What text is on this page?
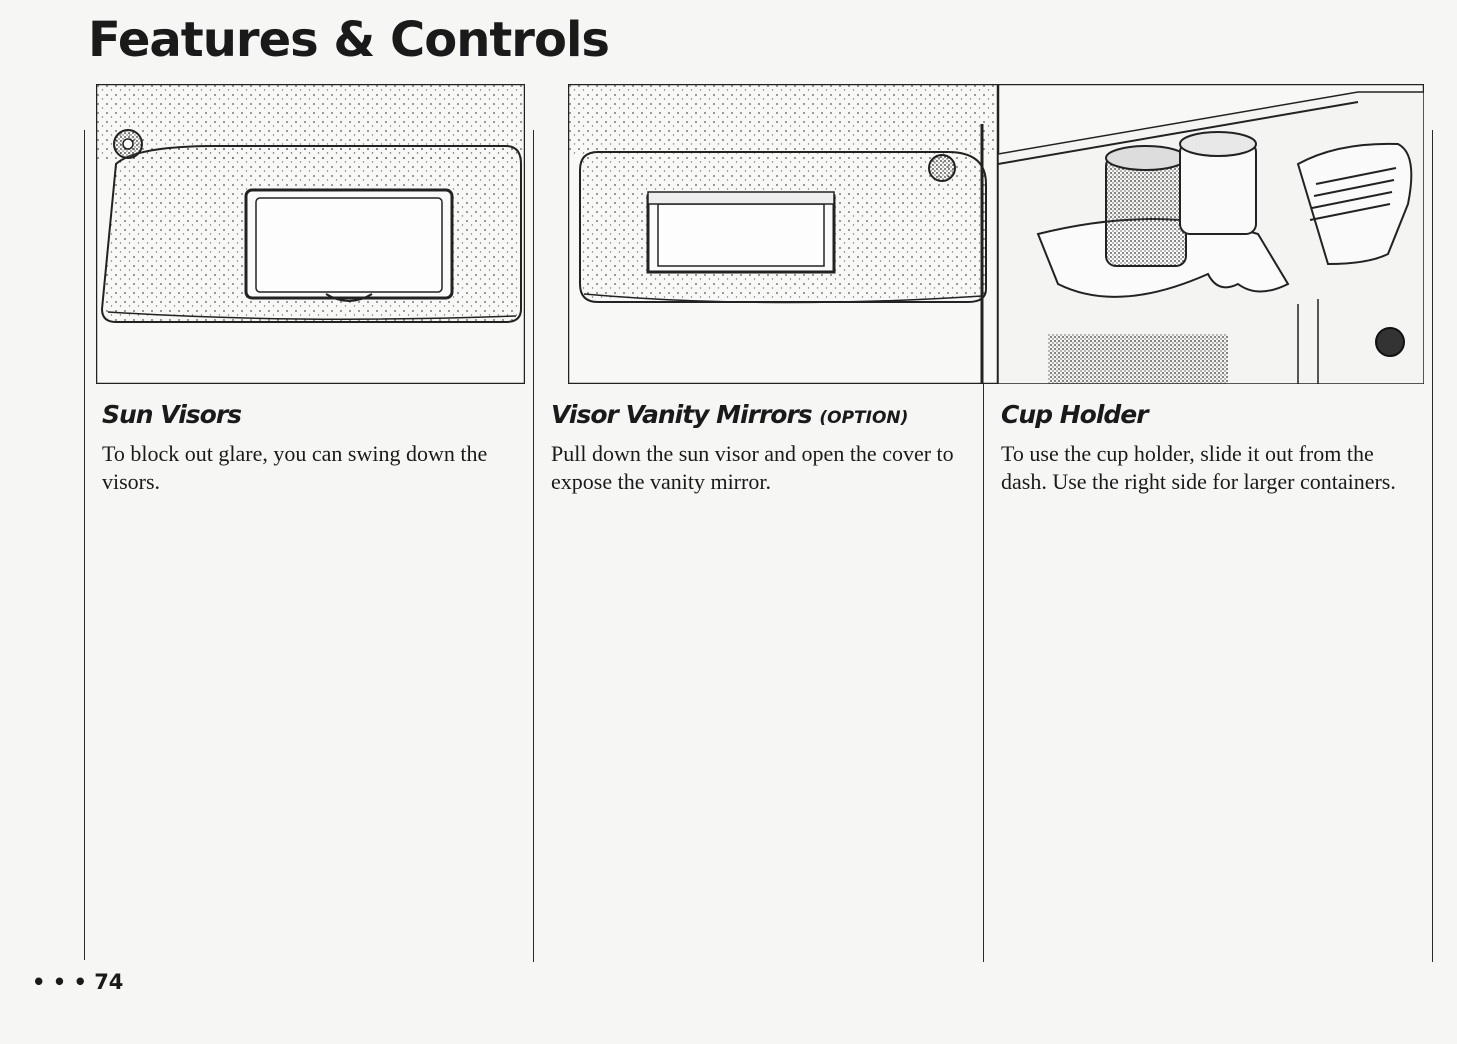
Features & Controls
Sun Visors

To block out glare, you can swing down the visors.

Visor Vanity Mirrors (OPTION)

Pull down the sun visor and open the cover to expose the vanity mirror.

Cup Holder

To use the cup holder, slide it out from the dash. Use the right side for larger containers.

• • • 74
